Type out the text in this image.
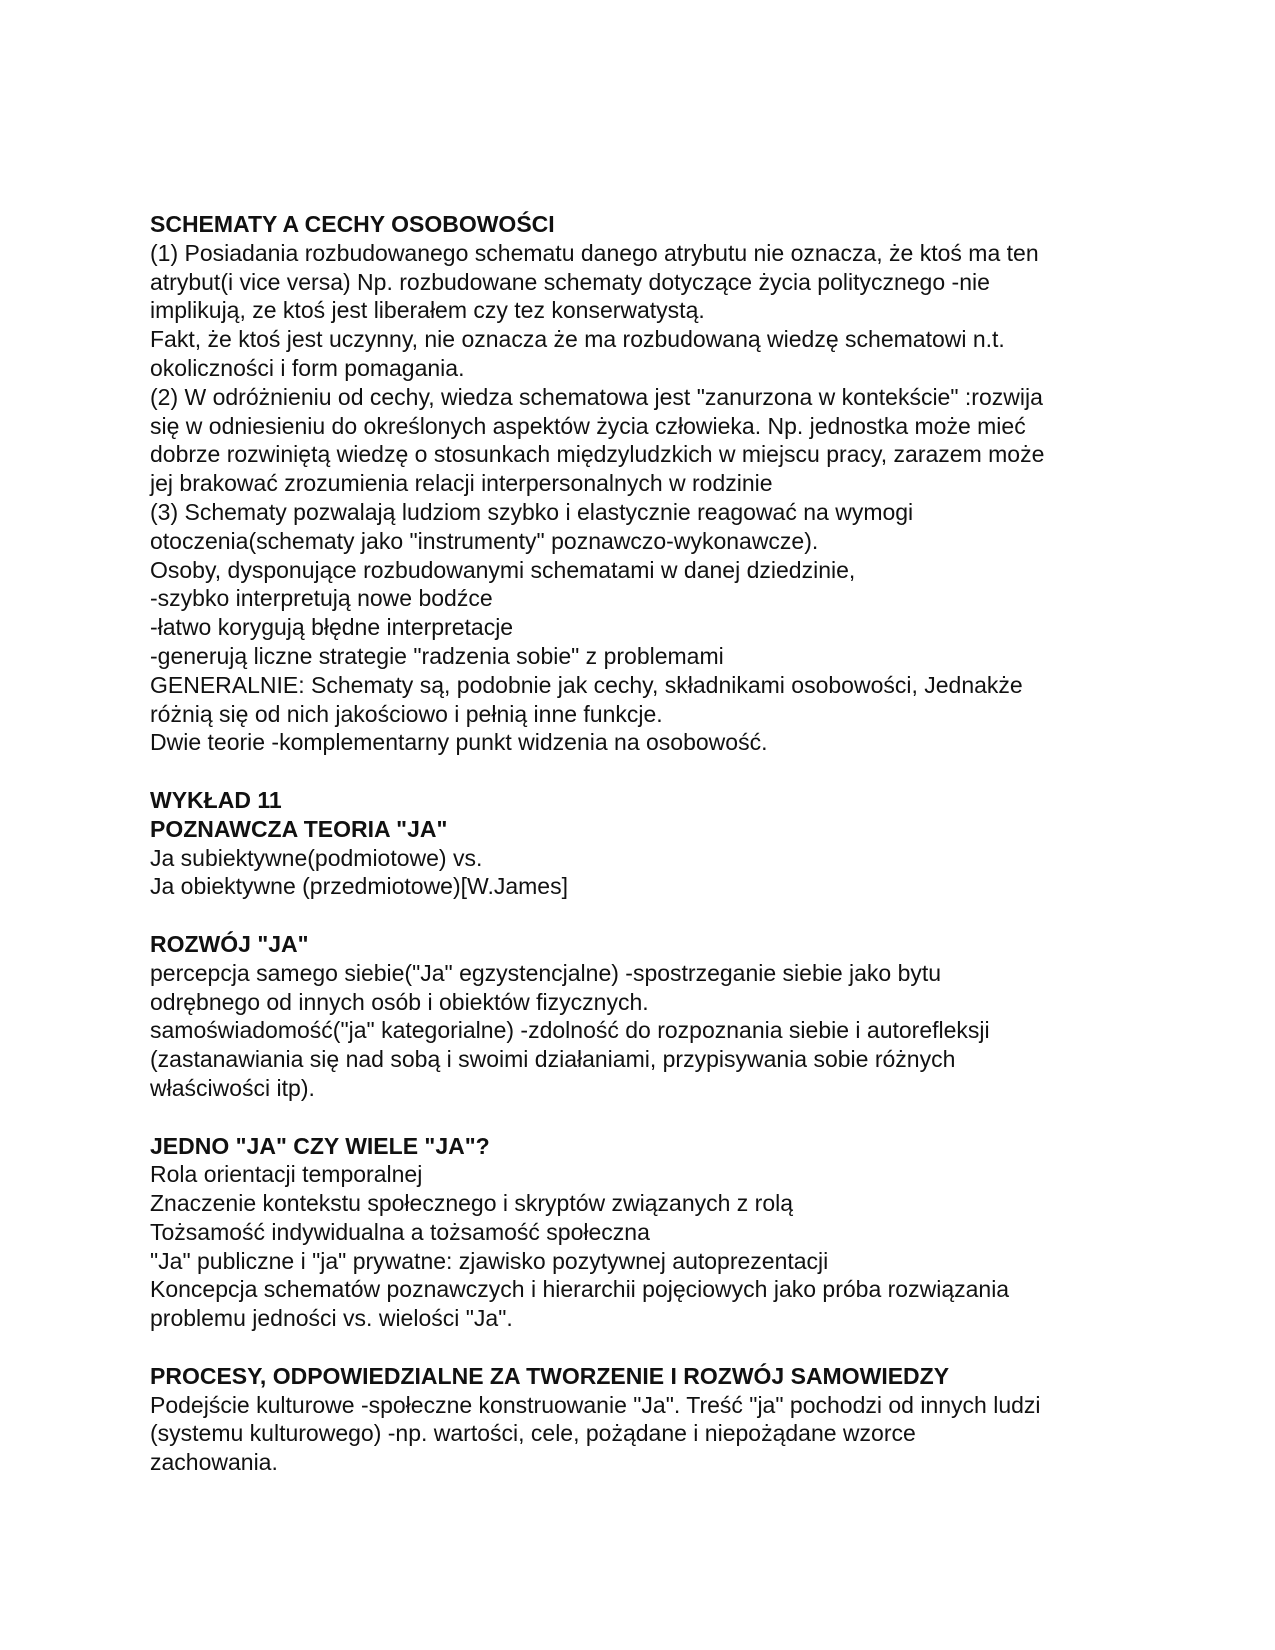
SCHEMATY A CECHY OSOBOWOŚCI
(1) Posiadania rozbudowanego schematu danego atrybutu nie oznacza, że ktoś ma ten
atrybut(i vice versa) Np. rozbudowane schematy dotyczące życia politycznego -nie
implikują, ze ktoś jest liberałem czy tez konserwatystą.
Fakt, że ktoś jest uczynny, nie oznacza że ma rozbudowaną wiedzę schematowi n.t.
okoliczności i form pomagania.
(2) W odróżnieniu od cechy, wiedza schematowa jest "zanurzona w kontekście" :rozwija
się w odniesieniu do określonych aspektów życia człowieka. Np. jednostka może mieć
dobrze rozwiniętą wiedzę o stosunkach międzyludzkich w miejscu pracy, zarazem może
jej brakować zrozumienia relacji interpersonalnych w rodzinie
(3) Schematy pozwalają ludziom szybko i elastycznie reagować na wymogi
otoczenia(schematy jako "instrumenty" poznawczo-wykonawcze).
Osoby, dysponujące rozbudowanymi schematami w danej dziedzinie,
-szybko interpretują nowe bodźce
-łatwo korygują błędne interpretacje
-generują liczne strategie "radzenia sobie" z problemami
GENERALNIE: Schematy są, podobnie jak cechy, składnikami osobowości, Jednakże
różnią się od nich jakościowo i pełnią inne funkcje.
Dwie teorie -komplementarny punkt widzenia na osobowość.
WYKŁAD 11
POZNAWCZA TEORIA "JA"
Ja subiektywne(podmiotowe) vs.
Ja obiektywne (przedmiotowe)[W.James]
ROZWÓJ "JA"
percepcja samego siebie("Ja" egzystencjalne) -spostrzeganie siebie jako bytu
odrębnego od innych osób i obiektów fizycznych.
samoświadomość("ja" kategorialne) -zdolność do rozpoznania siebie i autorefleksji
(zastanawiania się nad sobą i swoimi działaniami, przypisywania sobie różnych
właściwości itp).
JEDNO "JA" CZY WIELE "JA"?
Rola orientacji temporalnej
Znaczenie kontekstu społecznego i skryptów związanych z rolą
Tożsamość indywidualna a tożsamość społeczna
"Ja" publiczne i "ja" prywatne: zjawisko pozytywnej autoprezentacji
Koncepcja schematów poznawczych i hierarchii pojęciowych jako próba rozwiązania
problemu jedności vs. wielości "Ja".
PROCESY, ODPOWIEDZIALNE ZA TWORZENIE I ROZWÓJ SAMOWIEDZY
Podejście kulturowe -społeczne konstruowanie "Ja". Treść "ja" pochodzi od innych ludzi
(systemu kulturowego) -np. wartości, cele, pożądane i niepożądane wzorce
zachowania.
